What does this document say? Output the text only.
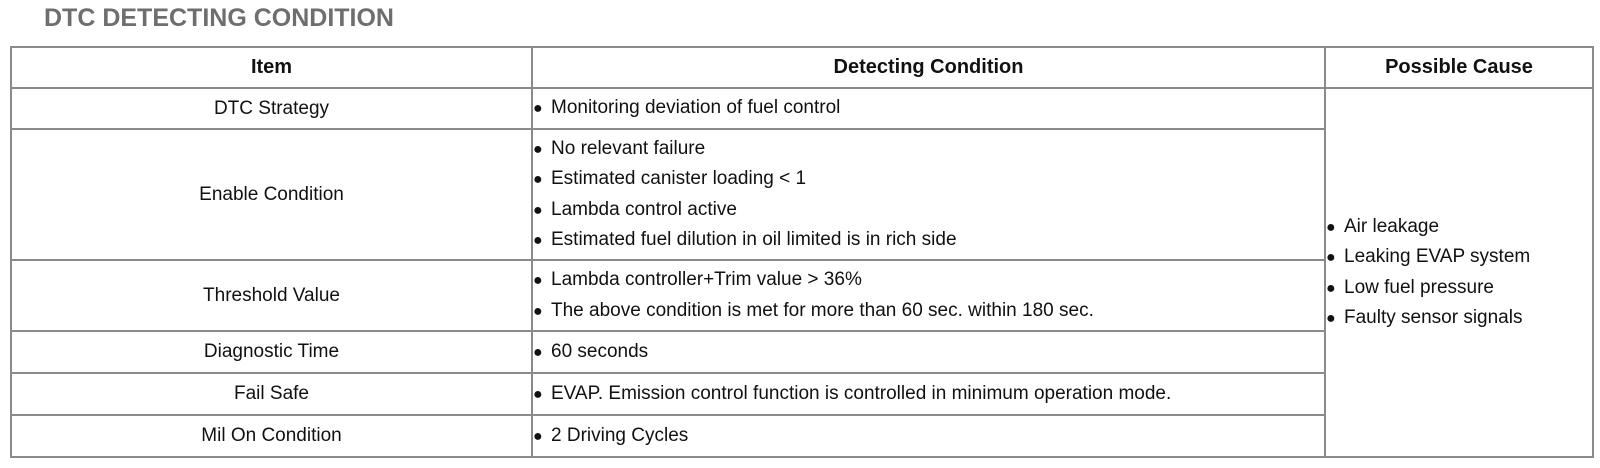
DTC DETECTING CONDITION
Item	Detecting Condition	Possible Cause
DTC Strategy	● Monitoring deviation of fuel control	● Air leakage
● Leaking EVAP system
● Low fuel pressure
● Faulty sensor signals

Enable Condition	● No relevant failure
● Estimated canister loading < 1
● Lambda control active
● Estimated fuel dilution in oil limited is in rich side	

Threshold Value	● Lambda controller+Trim value > 36%
● The above condition is met for more than 60 sec. within 180 sec.	

Diagnostic Time	● 60 seconds	

Fail Safe	● EVAP. Emission control function is controlled in minimum operation mode.	

Mil On Condition	● 2 Driving Cycles	
